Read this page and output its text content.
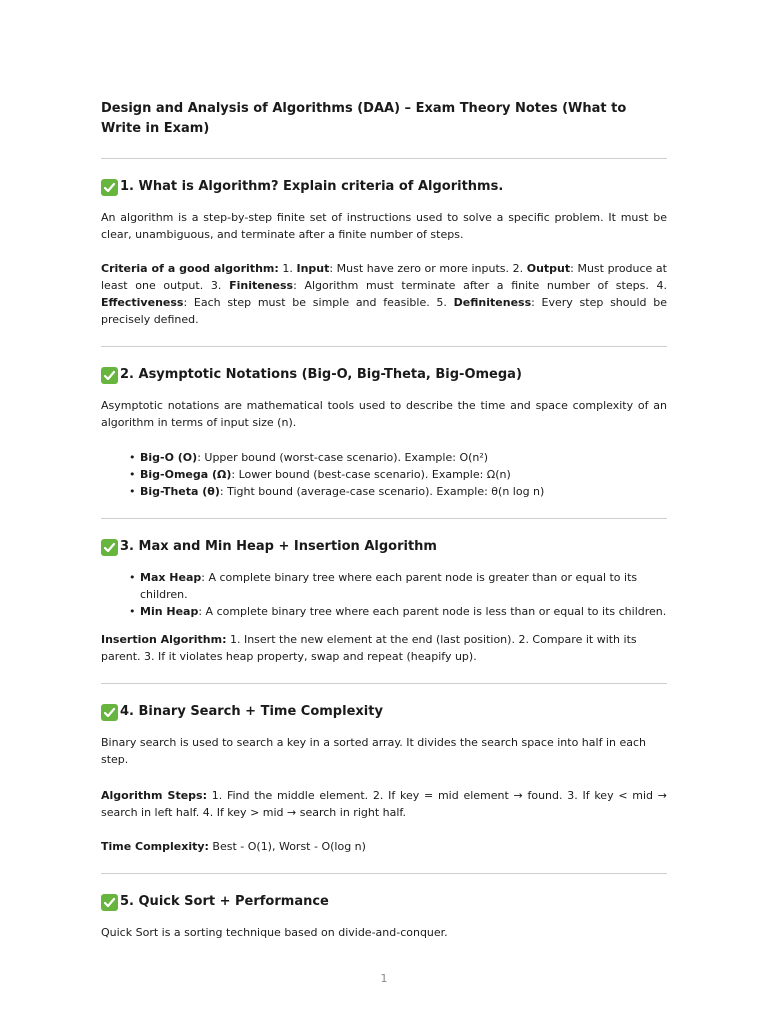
Design and Analysis of Algorithms (DAA) – Exam Theory Notes (What to Write in Exam)
1. What is Algorithm? Explain criteria of Algorithms.

An algorithm is a step-by-step finite set of instructions used to solve a specific problem. It must be clear, unambiguous, and terminate after a finite number of steps.

Criteria of a good algorithm: 1. Input: Must have zero or more inputs. 2. Output: Must produce at least one output. 3. Finiteness: Algorithm must terminate after a finite number of steps. 4. Effectiveness: Each step must be simple and feasible. 5. Definiteness: Every step should be precisely defined.

2. Asymptotic Notations (Big-O, Big-Theta, Big-Omega)

Asymptotic notations are mathematical tools used to describe the time and space complexity of an algorithm in terms of input size (n).

• Big-O (O): Upper bound (worst-case scenario). Example: O(n²)
• Big-Omega (Ω): Lower bound (best-case scenario). Example: Ω(n)
• Big-Theta (θ): Tight bound (average-case scenario). Example: θ(n log n)
3. Max and Min Heap + Insertion Algorithm
• Max Heap: A complete binary tree where each parent node is greater than or equal to its children.
• Min Heap: A complete binary tree where each parent node is less than or equal to its children.

Insertion Algorithm: 1. Insert the new element at the end (last position). 2. Compare it with its parent. 3. If it violates heap property, swap and repeat (heapify up).

4. Binary Search + Time Complexity

Binary search is used to search a key in a sorted array. It divides the search space into half in each step.

Algorithm Steps: 1. Find the middle element. 2. If key = mid element → found. 3. If key < mid → search in left half. 4. If key > mid → search in right half.

Time Complexity: Best - O(1), Worst - O(log n)

5. Quick Sort + Performance

Quick Sort is a sorting technique based on divide-and-conquer.

1
